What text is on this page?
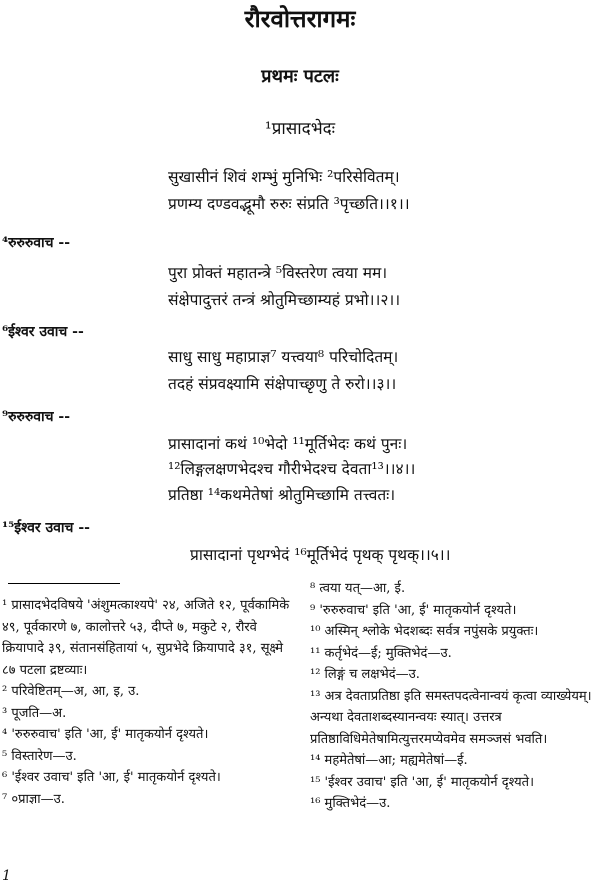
रौरवोत्तरागमः
प्रथमः पटलः
¹प्रासादभेदः
सुखासीनं शिवं शम्भुं मुनिभिः ²परिसेवितम्।
प्रणम्य दण्डवद्भूमौ रुरुः संप्रति ³पृच्छति।।१।।
⁴रुरुरुवाच --
पुरा प्रोक्तं महातन्त्रे ⁵विस्तरेण त्वया मम।
संक्षेपादुत्तरं तन्त्रं श्रोतुमिच्छाम्यहं प्रभो।।२।।
⁶ईश्वर उवाच --
साधु साधु महाप्राज्ञ⁷ यत्त्वया⁸ परिचोदितम्।
तदहं संप्रवक्ष्यामि संक्षेपाच्छृणु ते रुरो।।३।।
⁹रुरुरुवाच --
प्रासादानां कथं ¹⁰भेदो ¹¹मूर्तिभेदः कथं पुनः।
¹²लिङ्गलक्षणभेदश्च गौरीभेदश्च देवता¹³।।४।।
प्रतिष्ठा ¹⁴कथमेतेषां श्रोतुमिच्छामि तत्त्वतः।
¹⁵ईश्वर उवाच --
प्रासादानां पृथग्भेदं ¹⁶मूर्तिभेदं पृथक् पृथक्।।५।।

¹ प्रासादभेदविषये 'अंशुमत्काश्यपे' २४, अजिते १२, पूर्वकामिके ४९, पूर्वकारणे ७, कालोत्तरे ५३, दीप्ते ७, मकुटे २, रौरवे क्रियापादे ३९, संतानसंहितायां ५, सुप्रभेदे क्रियापादे ३१, सूक्ष्मे ८७ पटला द्रष्टव्याः।

² परिवेष्टितम्—अ, आ, इ, उ.

³ पूजति—अ.

⁴ 'रुरुरुवाच' इति 'आ, ई' मातृकयोर्न दृश्यते।

⁵ विस्तारेण—उ.

⁶ 'ईश्वर उवाच' इति 'आ, ई' मातृकयोर्न दृश्यते।

⁷ ०प्राज्ञा—उ.

⁸ त्वया यत्—आ, ई.

⁹ 'रुरुरुवाच' इति 'आ, ई' मातृकयोर्न दृश्यते।

¹⁰ अस्मिन् श्लोके भेदशब्दः सर्वत्र नपुंसके प्रयुक्तः।

¹¹ कर्तृभेदं—ई; मुक्तिभेदं—उ.

¹² लिङ्गं च लक्षभेदं—उ.

¹³ अत्र देवताप्रतिष्ठा इति समस्तपदत्वेनान्वयं कृत्वा व्याख्येयम्। अन्यथा देवताशब्दस्यानन्वयः स्यात्। उत्तरत्र प्रतिष्ठाविधिमेतेषामित्युत्तरमप्येवमेव समञ्जसं भवति।

¹⁴ महमेतेषां—आ; मह्यमेतेषां—ई.

¹⁵ 'ईश्वर उवाच' इति 'आ, ई' मातृकयोर्न दृश्यते।

¹⁶ मुक्तिभेदं—उ.

1
